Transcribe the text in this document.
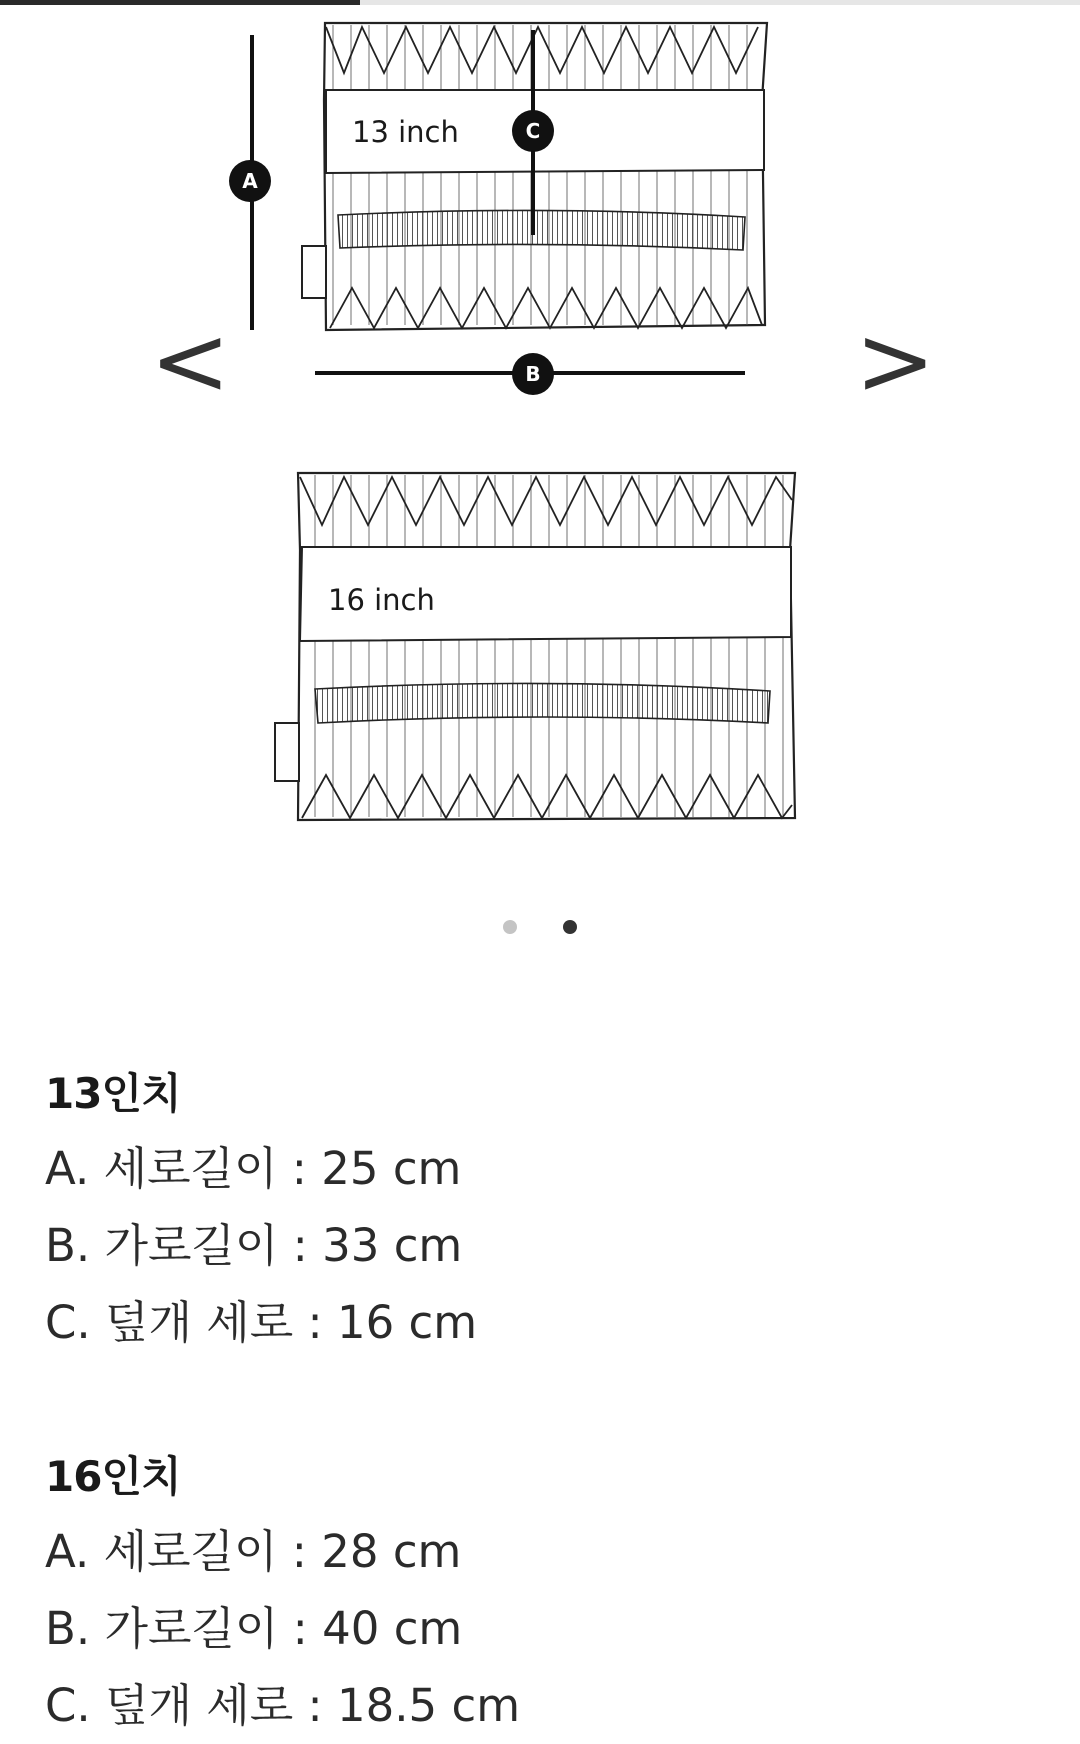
13 inch
A
C
B
16 inch
<	>
13인치
A. 세로길이 : 25 cm
B. 가로길이 : 33 cm
C. 덮개 세로 : 16 cm
16인치
A. 세로길이 : 28 cm
B. 가로길이 : 40 cm
C. 덮개 세로 : 18.5 cm
